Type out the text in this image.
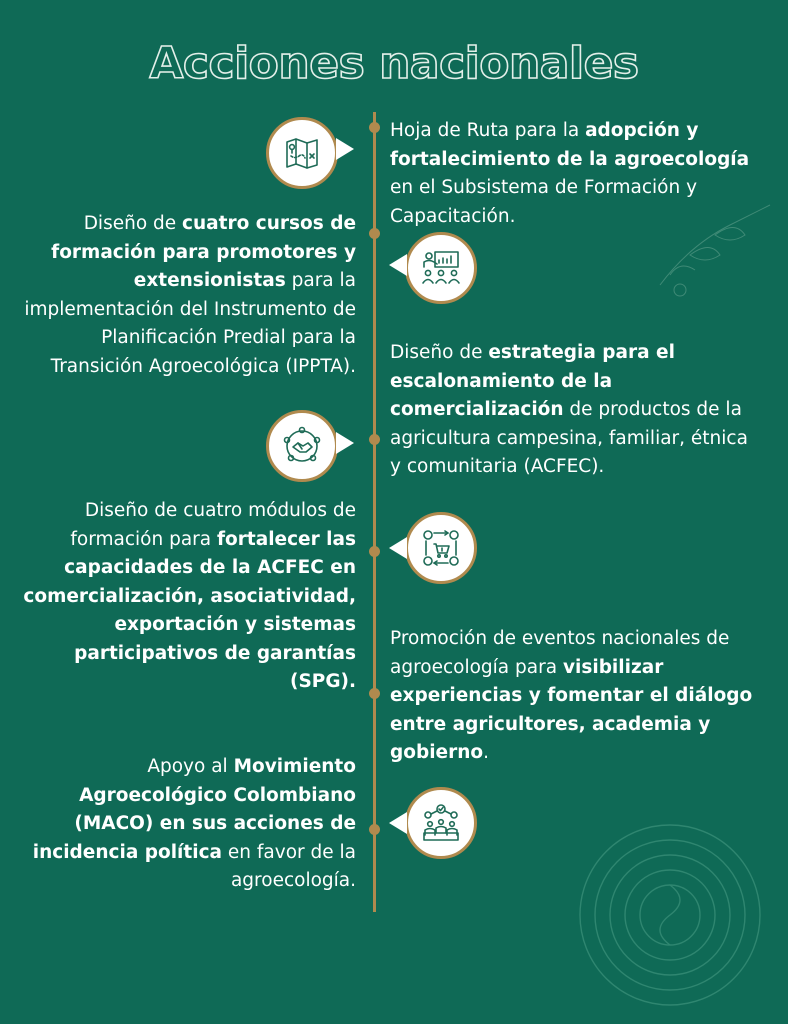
Acciones nacionales
Hoja de Ruta para la adopción y fortalecimiento de la agroecología en el Subsistema de Formación y Capacitación.
Diseño de cuatro cursos de formación para promotores y extensionistas para la implementación del Instrumento de Planificación Predial para la Transición Agroecológica (IPPTA).
Diseño de estrategia para el escalonamiento de la comercialización de productos de la agricultura campesina, familiar, étnica y comunitaria (ACFEC).
Diseño de cuatro módulos de formación para fortalecer las capacidades de la ACFEC en comercialización, asociatividad, exportación y sistemas participativos de garantías (SPG).
Promoción de eventos nacionales de agroecología para visibilizar experiencias y fomentar el diálogo entre agricultores, academia y gobierno.
Apoyo al Movimiento Agroecológico Colombiano (MACO) en sus acciones de incidencia política en favor de la agroecología.
